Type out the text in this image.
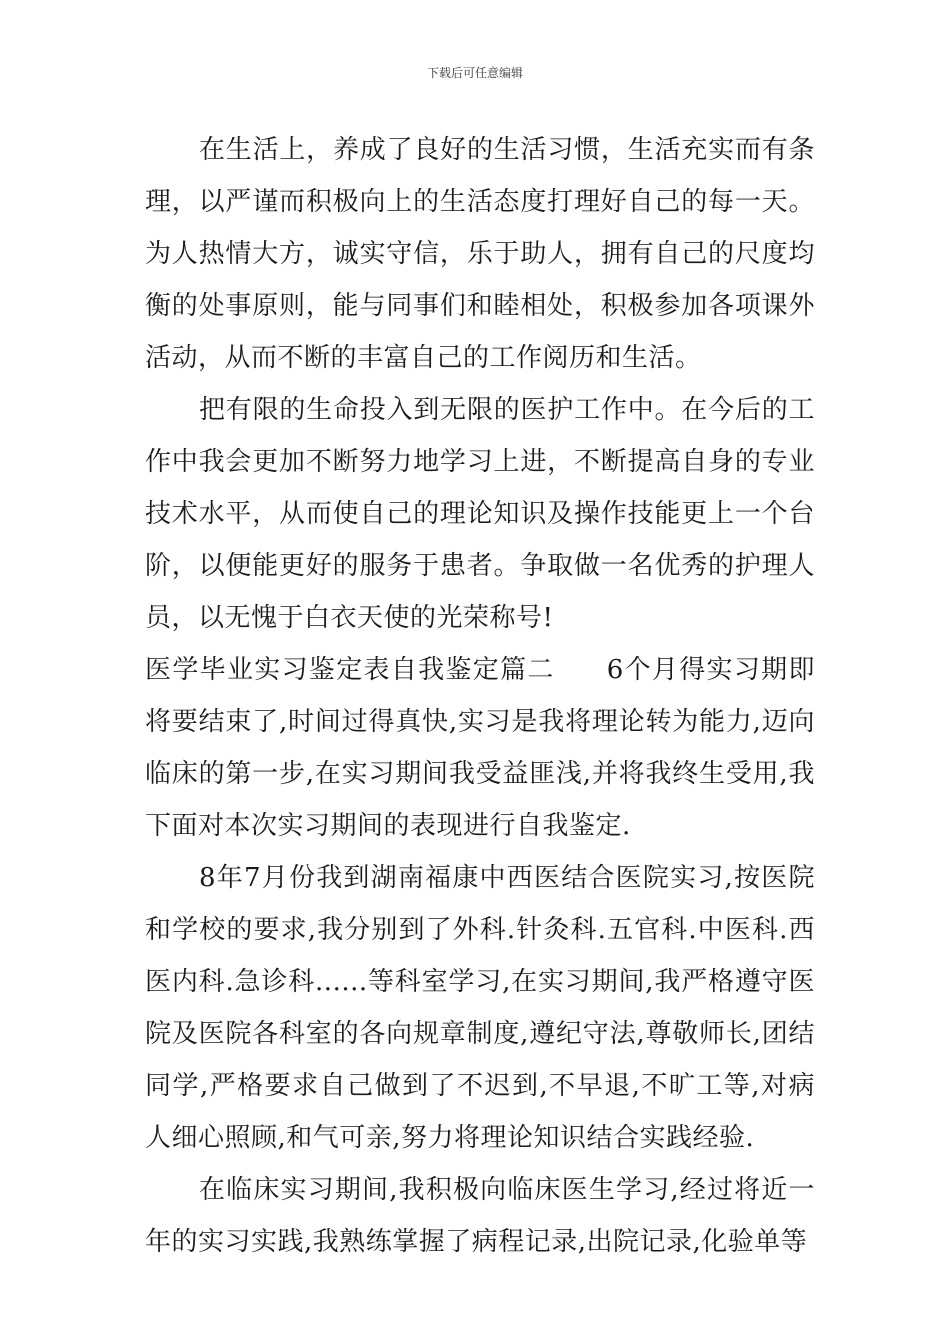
下载后可任意编辑

在生活上，养成了良好的生活习惯，生活充实而有条理，以严谨而积极向上的生活态度打理好自己的每一天。为人热情大方，诚实守信，乐于助人，拥有自己的尺度均衡的处事原则，能与同事们和睦相处，积极参加各项课外活动，从而不断的丰富自己的工作阅历和生活。

把有限的生命投入到无限的医护工作中。在今后的工作中我会更加不断努力地学习上进，不断提高自身的专业技术水平，从而使自己的理论知识及操作技能更上一个台阶，以便能更好的服务于患者。争取做一名优秀的护理人员，以无愧于白衣天使的光荣称号!

医学毕业实习鉴定表自我鉴定篇二 6个月得实习期即将要结束了,时间过得真快,实习是我将理论转为能力,迈向临床的第一步,在实习期间我受益匪浅,并将我终生受用,我下面对本次实习期间的表现进行自我鉴定.

8年7月份我到湖南福康中西医结合医院实习,按医院和学校的要求,我分别到了外科.针灸科.五官科.中医科.西医内科.急诊科......等科室学习,在实习期间,我严格遵守医院及医院各科室的各向规章制度,遵纪守法,尊敬师长,团结同学,严格要求自己做到了不迟到,不早退,不旷工等,对病人细心照顾,和气可亲,努力将理论知识结合实践经验.

在临床实习期间,我积极向临床医生学习,经过将近一年的实习实践,我熟练掌握了病程记录,出院记录,化验单等
